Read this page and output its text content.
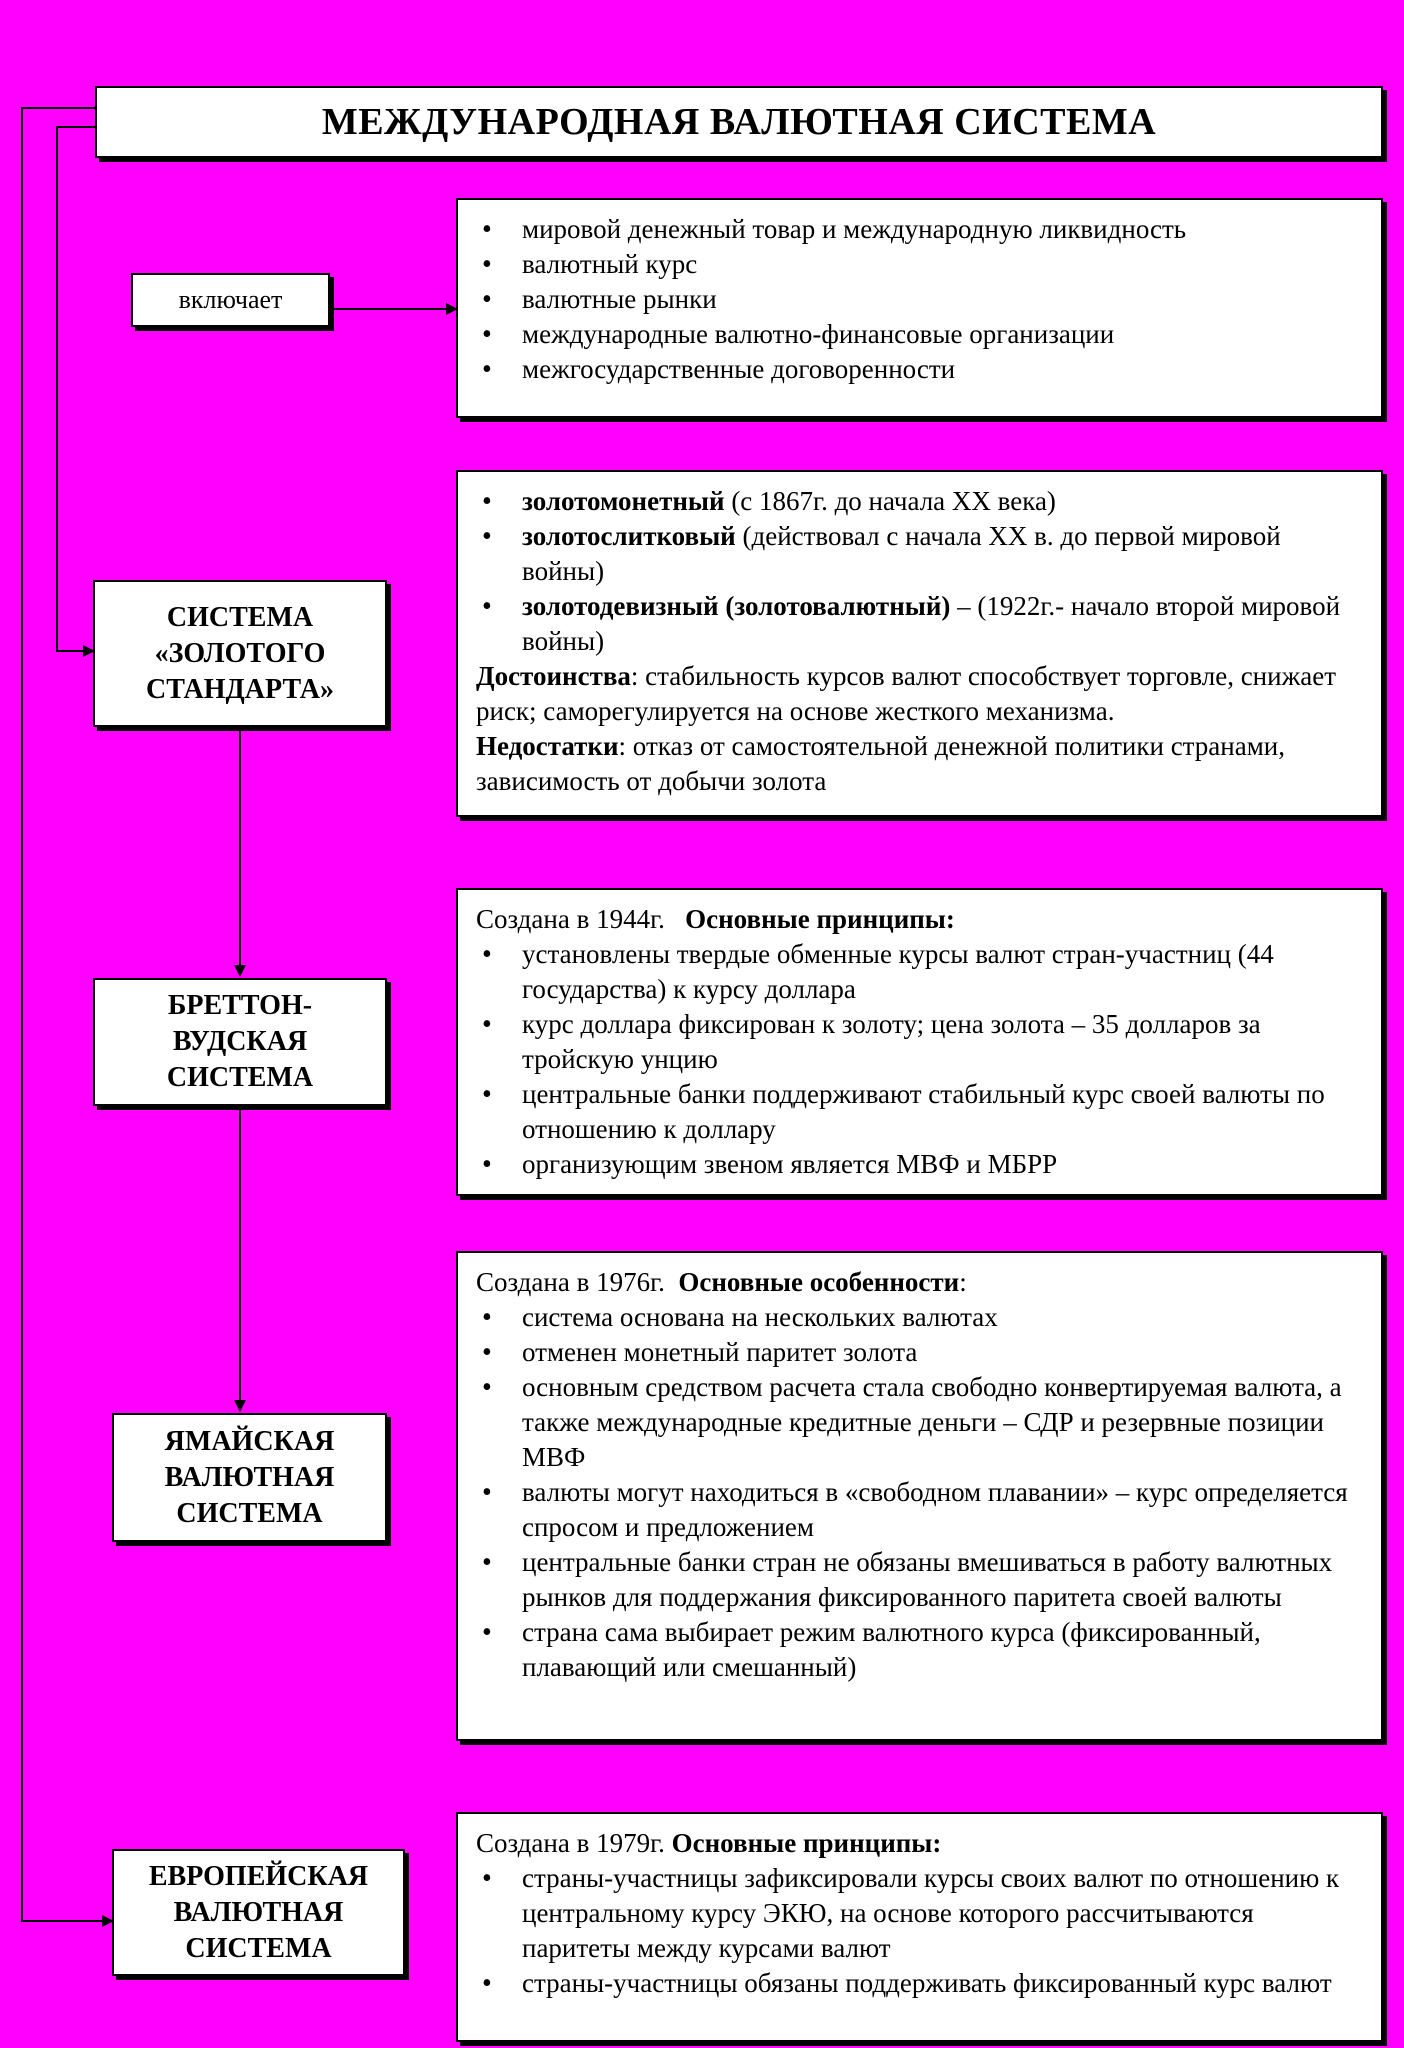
МЕЖДУНАРОДНАЯ ВАЛЮТНАЯ СИСТЕМА
включает
• мировой денежный товар и международную ликвидность
• валютный курс
• валютные рынки
• международные валютно-финансовые организации
• межгосударственные договоренности
СИСТЕМА
«ЗОЛОТОГО
СТАНДАРТА»
• золотомонетный (с 1867г. до начала XX века)
• золотослитковый (действовал с начала XX в. до первой мировой войны)
• золотодевизный (золотовалютный) – (1922г.- начало второй мировой войны)
Достоинства: стабильность курсов валют способствует торговле, снижает риск; саморегулируется на основе жесткого механизма.
Недостатки: отказ от самостоятельной денежной политики странами, зависимость от добычи золота
БРЕТТОН-
ВУДСКАЯ
СИСТЕМА
Создана в 1944г.   Основные принципы:
• установлены твердые обменные курсы валют стран-участниц (44 государства) к курсу доллара
• курс доллара фиксирован к золоту; цена золота – 35 долларов за тройскую унцию
• центральные банки поддерживают стабильный курс своей валюты по отношению к доллару
• организующим звеном является МВФ и МБРР
ЯМАЙСКАЯ
ВАЛЮТНАЯ
СИСТЕМА
Создана в 1976г.  Основные особенности:
• система основана на нескольких валютах
• отменен монетный паритет золота
• основным средством расчета стала свободно конвертируемая валюта, а также международные кредитные деньги – СДР и резервные позиции МВФ
• валюты могут находиться в «свободном плавании» – курс определяется спросом и предложением
• центральные банки стран не обязаны вмешиваться в работу валютных рынков для поддержания фиксированного паритета своей валюты
• страна сама выбирает режим валютного курса (фиксированный, плавающий или смешанный)
ЕВРОПЕЙСКАЯ
ВАЛЮТНАЯ
СИСТЕМА
Создана в 1979г. Основные принципы:
• страны-участницы зафиксировали курсы своих валют по отношению к центральному курсу ЭКЮ, на основе которого рассчитываются паритеты между курсами валют
• страны-участницы обязаны поддерживать фиксированный курс валют
